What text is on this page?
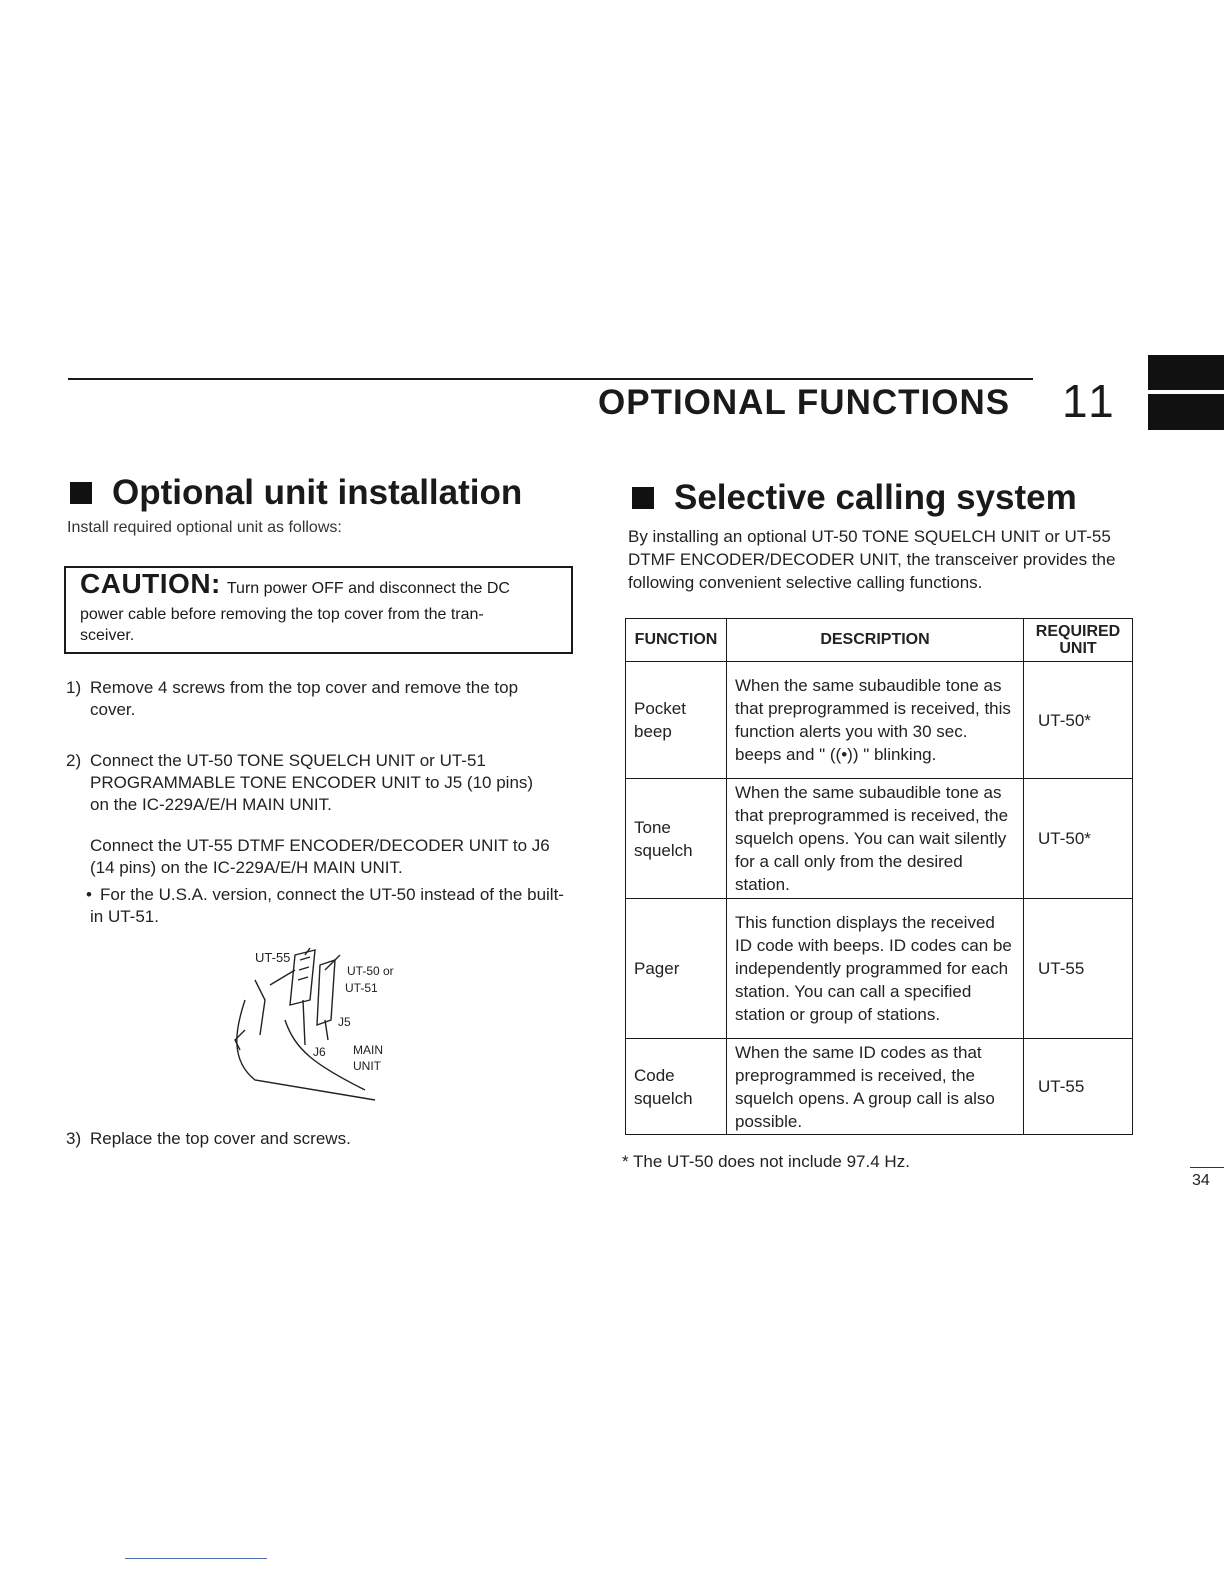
OPTIONAL FUNCTIONS 11
Optional unit installation
Install required optional unit as follows:
CAUTION: Turn power OFF and disconnect the DC
power cable before removing the top cover from the tran-
sceiver.
1) Remove 4 screws from the top cover and remove the top cover.
2) Connect the UT-50 TONE SQUELCH UNIT or UT-51 PROGRAMMABLE TONE ENCODER UNIT to J5 (10 pins) on the IC-229A/E/H MAIN UNIT.
Connect the UT-55 DTMF ENCODER/DECODER UNIT to J6 (14 pins) on the IC-229A/E/H MAIN UNIT.
• For the U.S.A. version, connect the UT-50 instead of the built-in UT-51.
UT-55
UT-50 or
UT-51
J5
J6 MAIN
UNIT
3) Replace the top cover and screws.
Selective calling system
By installing an optional UT-50 TONE SQUELCH UNIT or UT-55 DTMF ENCODER/DECODER UNIT, the transceiver provides the following convenient selective calling functions.
FUNCTION	DESCRIPTION	REQUIRED
UNIT

Pocket
beep	When the same subaudible tone as that preprogrammed is received, this function alerts you with 30 sec. beeps and " ((•)) " blinking.	UT-50*

Tone
squelch	When the same subaudible tone as that preprogrammed is received, the squelch opens. You can wait silently for a call only from the desired station.	UT-50*

Pager	This function displays the received ID code with beeps. ID codes can be independently programmed for each station. You can call a specified station or group of stations.	UT-55

Code
squelch	When the same ID codes as that preprogrammed is received, the squelch opens. A group call is also possible.	UT-55
* The UT-50 does not include 97.4 Hz.
34
